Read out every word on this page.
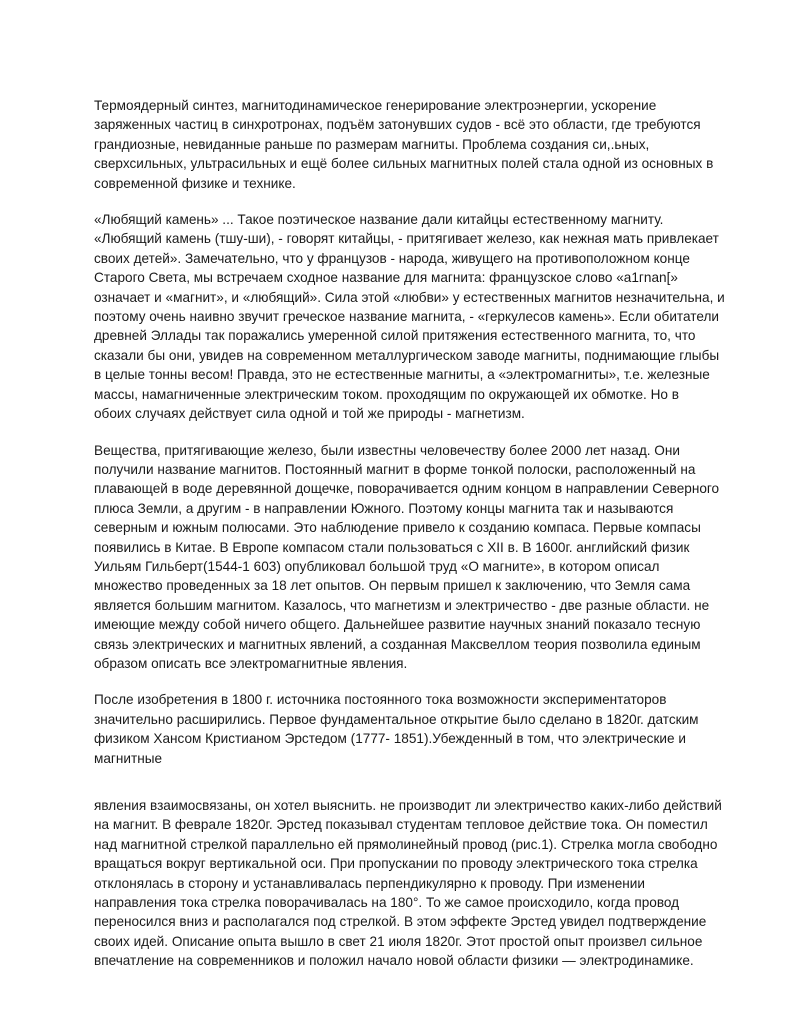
Термоядерный синтез, магнитодинамическое генерирование электроэнергии, ускорение
заряженных частиц в синхротронах, подъём затонувших судов - всё это области, где требуются
грандиозные, невиданные раньше по размерам магниты. Проблема создания си,.ьных,
сверхсильных, ультрасильных и ещё более сильных магнитных полей стала одной из основных в
современной физике и технике.

«Любящий камень» ... Такое поэтическое название дали китайцы естественному магниту.
«Любящий камень (тшу-ши), - говорят китайцы, - притягивает железо, как нежная мать привлекает
своих детей». Замечательно, что у французов - народа, живущего на противоположном конце
Старого Света, мы встречаем сходное название для магнита: французское слово «a1гnan[»
означает и «магнит», и «любящий». Сила этой «любви» у естественных магнитов незначительна, и
поэтому очень наивно звучит греческое название магнита, - «геркулесов камень». Если обитатели
древней Эллады так поражались умеренной силой притяжения естественного магнита, то, что
сказали бы они, увидев на современном металлургическом заводе магниты, поднимающие глыбы
в целые тонны весом! Правда, это не естественные магниты, а «электромагниты», т.е. железные
массы, намагниченные электрическим током. проходящим по окружающей их обмотке. Но в
обоих случаях действует сила одной и той же природы - магнетизм.

Вещества, притягивающие железо, были известны человечеству более 2000 лет назад. Они
получили название магнитов. Постоянный магнит в форме тонкой полоски, расположенный на
плавающей в воде деревянной дощечке, поворачивается одним концом в направлении Северного
плюса Земли, а другим - в направлении Южного. Поэтому концы магнита так и называются
северным и южным полюсами. Это наблюдение привело к созданию компаса. Первые компасы
появились в Китае. В Европе компасом стали пользоваться с XII в. В 1600г. английский физик
Уильям Гильберт(1544-1 603) опубликовал большой труд «О магните», в котором описал
множество проведенных за 18 лет опытов. Он первым пришел к заключению, что Земля сама
является большим магнитом. Казалось, что магнетизм и электричество - две разные области. не
имеющие между собой ничего общего. Дальнейшее развитие научных знаний показало тесную
связь электрических и магнитных явлений, а созданная Максвеллом теория позволила единым
образом описать все электромагнитные явления.

После изобретения в 1800 г. источника постоянного тока возможности экспериментаторов
значительно расширились. Первое фундаментальное открытие было сделано в 1820г. датским
физиком Хансом Кристианом Эрстедом (1777- 1851).Убежденный в том, что электрические и
магнитные

явления взаимосвязаны, он хотел выяснить. не производит ли электричество каких-либо действий
на магнит. В феврале 1820г. Эрстед показывал студентам тепловое действие тока. Он поместил
над магнитной стрелкой параллельно ей прямолинейный провод (рис.1). Стрелка могла свободно
вращаться вокруг вертикальной оси. При пропускании по проводу электрического тока стрелка
отклонялась в сторону и устанавливалась перпендикулярно к проводу. При изменении
направления тока стрелка поворачивалась на 180°. То же самое происходило, когда провод
переносился вниз и располагался под стрелкой. В этом эффекте Эрстед увидел подтверждение
своих идей. Описание опыта вышло в свет 21 июля 1820г. Этот простой опыт произвел сильное
впечатление на современников и положил начало новой области физики — электродинамике.
